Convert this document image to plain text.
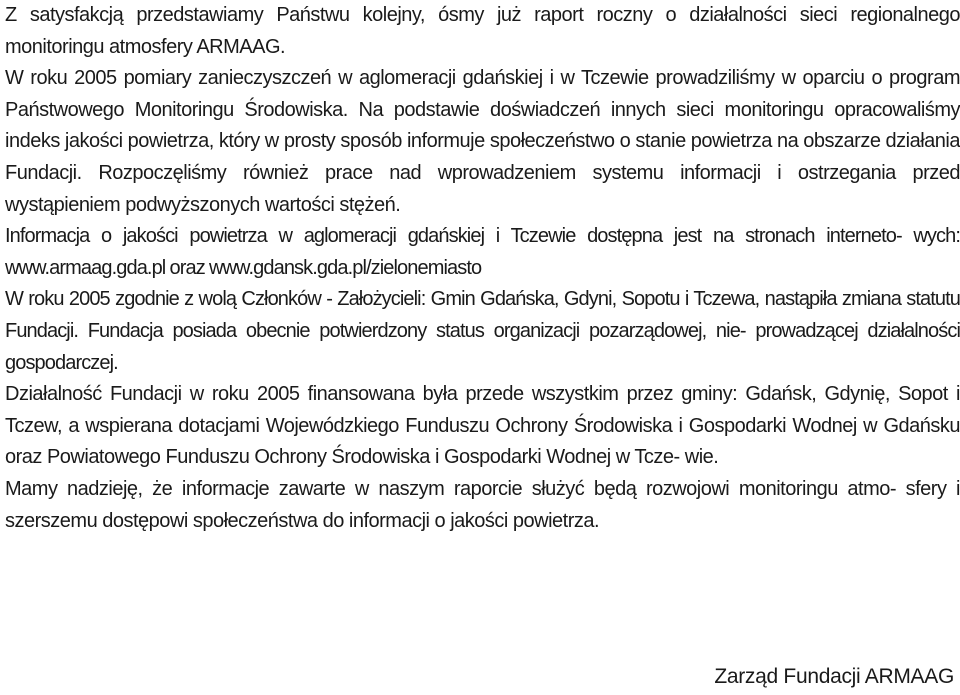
Z satysfakcją przedstawiamy Państwu kolejny, ósmy już raport roczny o działalności sieci regionalnego monitoringu atmosfery ARMAAG.

W roku 2005 pomiary zanieczyszczeń w aglomeracji gdańskiej i w Tczewie prowadziliśmy w oparciu o program Państwowego Monitoringu Środowiska. Na podstawie doświadczeń innych sieci monitoringu opracowaliśmy indeks jakości powietrza, który w prosty sposób informuje społeczeństwo o stanie powietrza na obszarze działania Fundacji. Rozpoczęliśmy również prace nad wprowadzeniem systemu informacji i ostrzegania przed wystąpieniem podwyższonych wartości stężeń.

Informacja o jakości powietrza w aglomeracji gdańskiej i Tczewie dostępna jest na stronach interneto- wych: www.armaag.gda.pl oraz www.gdansk.gda.pl/zielonemiasto

W roku 2005 zgodnie z wolą Członków - Założycieli: Gmin Gdańska, Gdyni, Sopotu i Tczewa, nastąpiła zmiana statutu Fundacji. Fundacja posiada obecnie potwierdzony status organizacji pozarządowej, nie- prowadzącej działalności gospodarczej.

Działalność Fundacji w roku 2005 finansowana była przede wszystkim przez gminy: Gdańsk, Gdynię, Sopot i Tczew, a wspierana dotacjami Wojewódzkiego Funduszu Ochrony Środowiska i Gospodarki Wodnej w Gdańsku oraz Powiatowego Funduszu Ochrony Środowiska i Gospodarki Wodnej w Tcze- wie.

Mamy nadzieję, że informacje zawarte w naszym raporcie służyć będą rozwojowi monitoringu atmo- sfery i szerszemu dostępowi społeczeństwa do informacji o jakości powietrza.

Zarząd Fundacji ARMAAG
